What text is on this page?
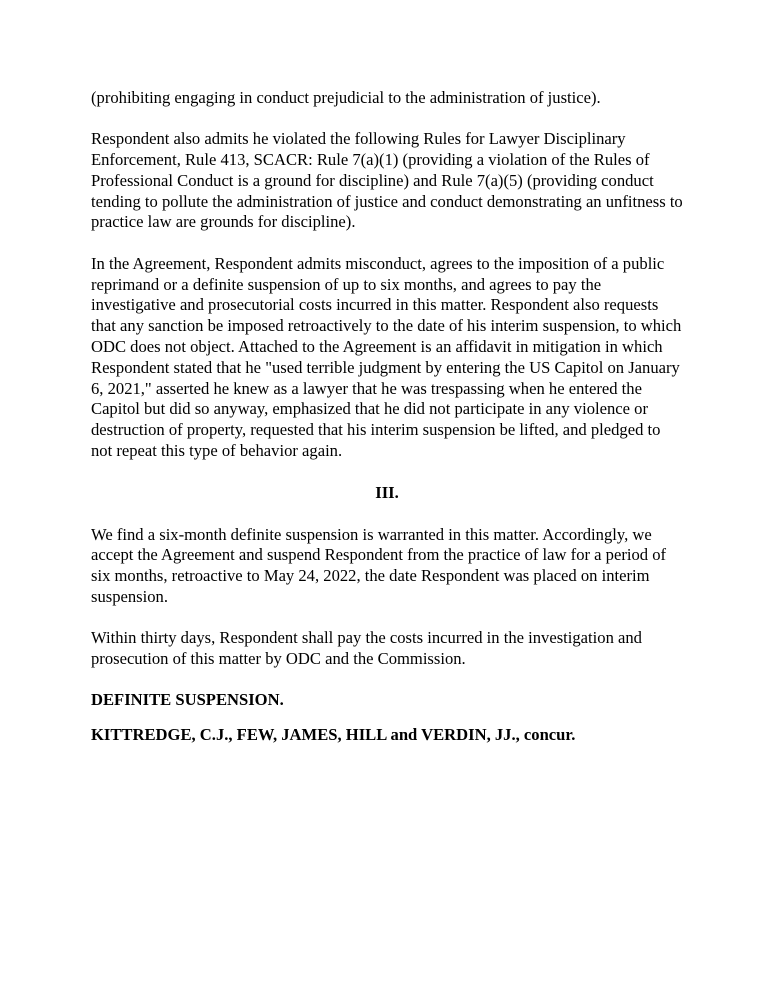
(prohibiting engaging in conduct prejudicial to the administration of justice).

Respondent also admits he violated the following Rules for Lawyer Disciplinary Enforcement, Rule 413, SCACR: Rule 7(a)(1) (providing a violation of the Rules of Professional Conduct is a ground for discipline) and Rule 7(a)(5) (providing conduct tending to pollute the administration of justice and conduct demonstrating an unfitness to practice law are grounds for discipline).

In the Agreement, Respondent admits misconduct, agrees to the imposition of a public reprimand or a definite suspension of up to six months, and agrees to pay the investigative and prosecutorial costs incurred in this matter. Respondent also requests that any sanction be imposed retroactively to the date of his interim suspension, to which ODC does not object. Attached to the Agreement is an affidavit in mitigation in which Respondent stated that he "used terrible judgment by entering the US Capitol on January 6, 2021," asserted he knew as a lawyer that he was trespassing when he entered the Capitol but did so anyway, emphasized that he did not participate in any violence or destruction of property, requested that his interim suspension be lifted, and pledged to not repeat this type of behavior again.

III.

We find a six-month definite suspension is warranted in this matter. Accordingly, we accept the Agreement and suspend Respondent from the practice of law for a period of six months, retroactive to May 24, 2022, the date Respondent was placed on interim suspension.

Within thirty days, Respondent shall pay the costs incurred in the investigation and prosecution of this matter by ODC and the Commission.

DEFINITE SUSPENSION.

KITTREDGE, C.J., FEW, JAMES, HILL and VERDIN, JJ., concur.
